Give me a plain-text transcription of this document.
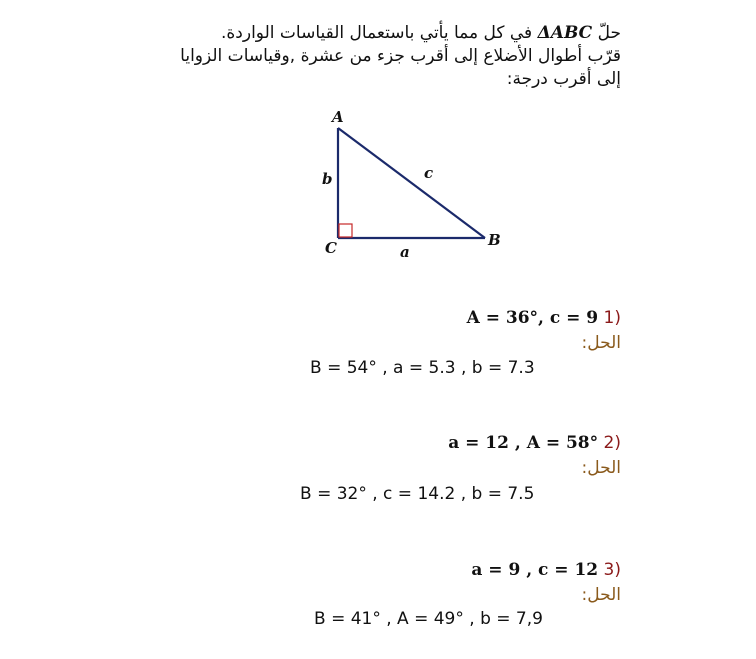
حلّ ΔABC في كل مما يأتي باستعمال القياسات الواردة.
قرّب أطوال الأضلاع إلى أقرب جزء من عشرة ,وقياسات الزوايا
إلى أقرب درجة:
A
B
C	a
b	c
1) A = 36°, c = 9
الحل:
B = 54° , a = 5.3 , b = 7.3
2) a = 12 , A = 58°
الحل:
B = 32° , c = 14.2 , b = 7.5
3) a = 9 , c = 12
الحل:
B = 41° , A = 49° , b = 7,9
